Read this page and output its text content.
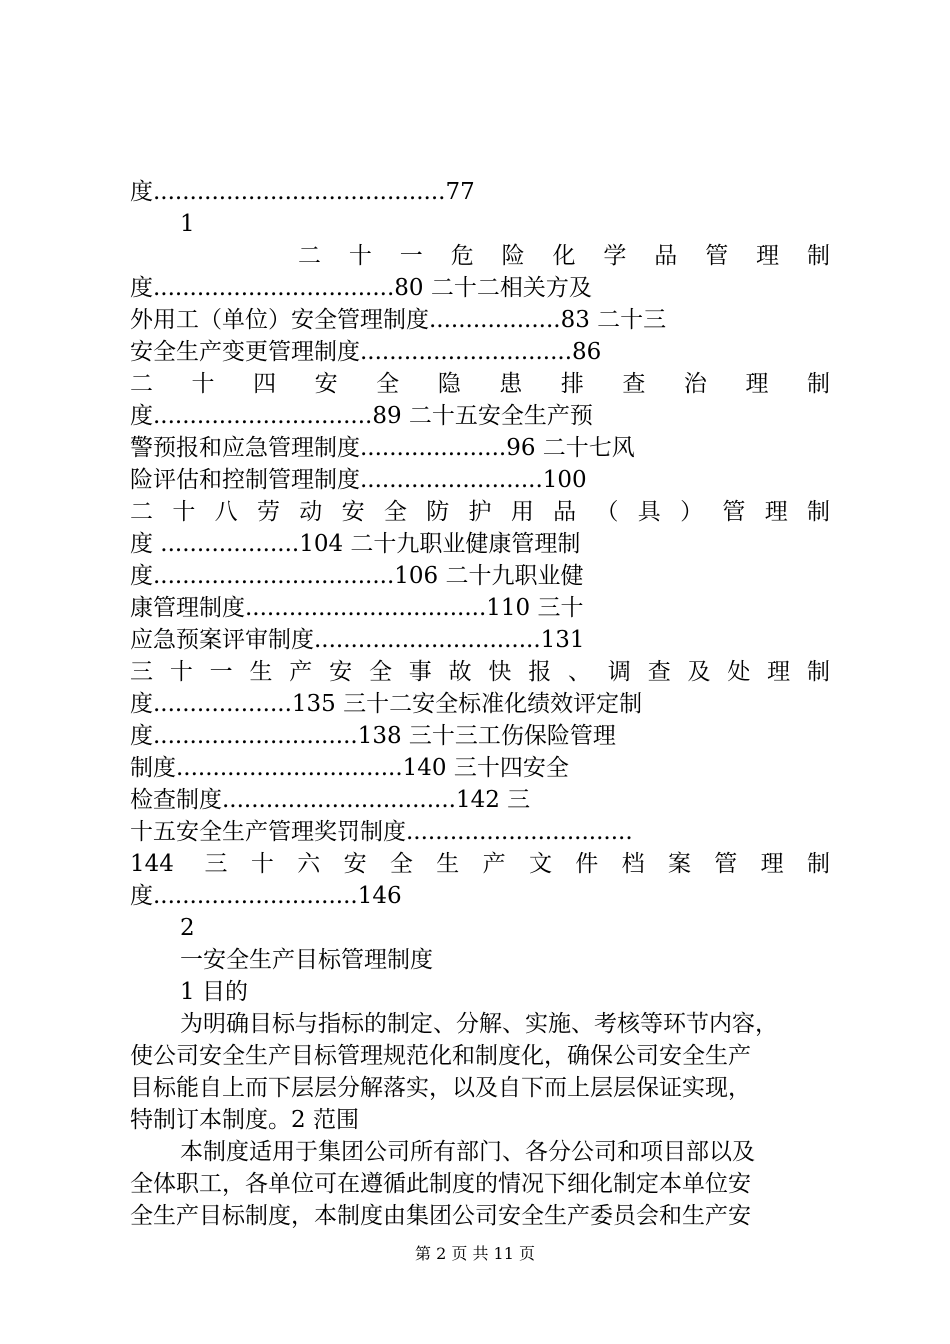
度........................................77
1
二十一危险化学品管理制
度.................................80 二十二相关方及
外用工（单位）安全管理制度..................83 二十三
安全生产变更管理制度.............................86
二十四安全隐患排查治理制
度..............................89 二十五安全生产预
警预报和应急管理制度....................96 二十七风
险评估和控制管理制度.........................100
二十八劳动安全防护用品（具）管理制
度 ...................104 二十九职业健康管理制
度.................................106 二十九职业健
康管理制度.................................110 三十
应急预案评审制度...............................131
三十一生产安全事故快报、调查及处理制
度...................135 三十二安全标准化绩效评定制
度............................138 三十三工伤保险管理
制度...............................140 三十四安全
检查制度................................142 三
十五安全生产管理奖罚制度...............................
144 三十六安全生产文件档案管理制
度............................146
2
一安全生产目标管理制度
1 目的
为明确目标与指标的制定、分解、实施、考核等环节内容，
使公司安全生产目标管理规范化和制度化，确保公司安全生产
目标能自上而下层层分解落实，以及自下而上层层保证实现，
特制订本制度。2 范围
本制度适用于集团公司所有部门、各分公司和项目部以及
全体职工，各单位可在遵循此制度的情况下细化制定本单位安
全生产目标制度，本制度由集团公司安全生产委员会和生产安
第 2 页 共 11 页
